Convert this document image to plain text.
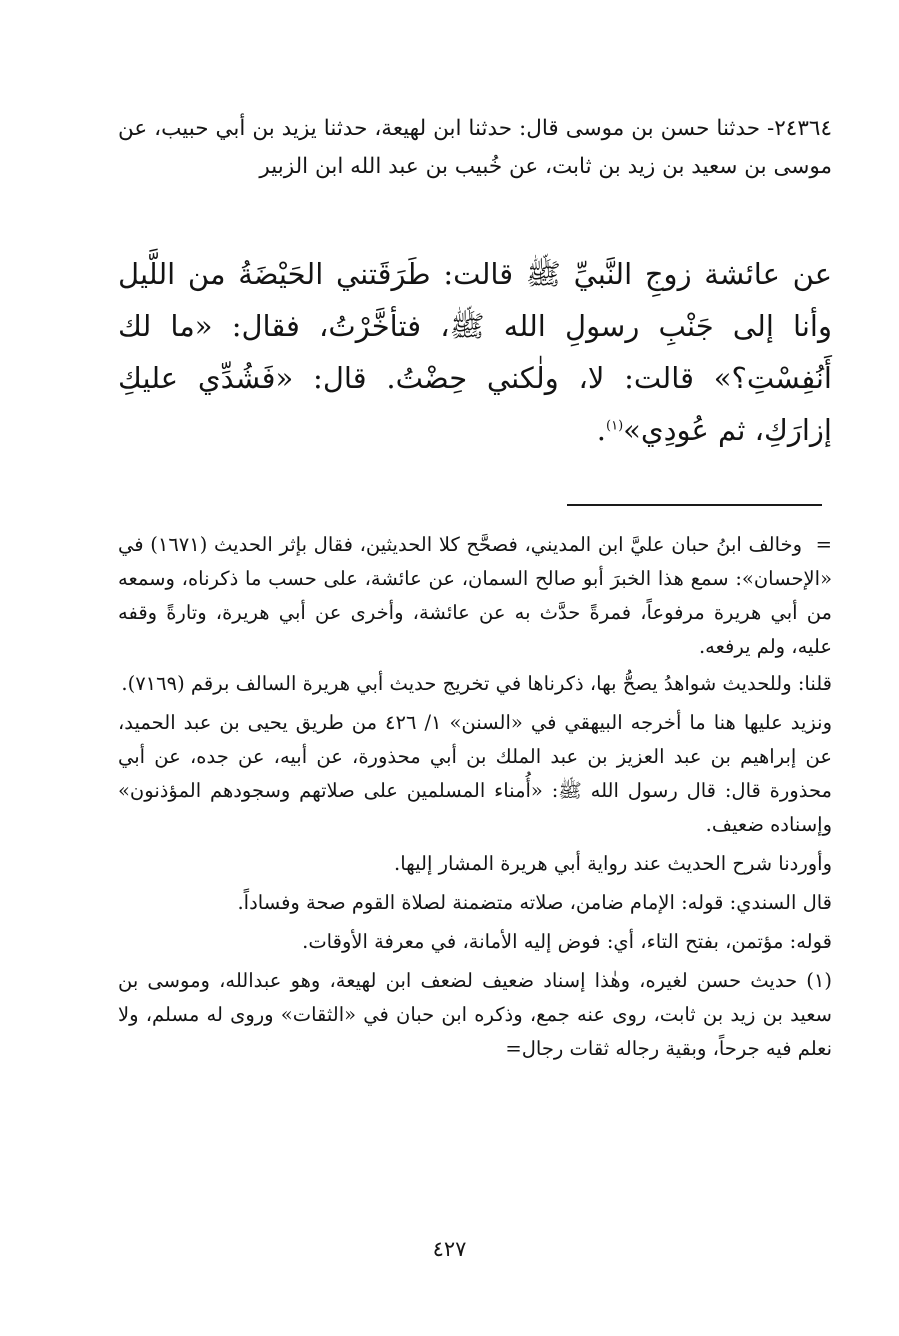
٢٤٣٦٤- حدثنا حسن بن موسى قال: حدثنا ابن لهيعة، حدثنا يزيد بن أبي حبيب، عن موسى بن سعيد بن زيد بن ثابت، عن خُبيب بن عبد الله ابن الزبير
عن عائشة زوجِ النَّبيِّ ﷺ قالت: طَرَقَتني الحَيْضَةُ من اللَّيل وأنا إلى جَنْبِ رسولِ الله ﷺ، فتأخَّرْتُ، فقال: «ما لك أَنُفِسْتِ؟» قالت: لا، ولٰكني حِضْتُ. قال: «فَشُدِّي عليكِ إزارَكِ، ثم عُودِي»$^{(١)}$.

=وخالف ابنُ حبان عليَّ ابن المديني، فصحَّح كلا الحديثين، فقال بإثر الحديث (١٦٧١) في «الإحسان»: سمع هذا الخبرَ أبو صالح السمان، عن عائشة، على حسب ما ذكرناه، وسمعه من أبي هريرة مرفوعاً، فمرةً حدَّث به عن عائشة، وأخرى عن أبي هريرة، وتارةً وقفه عليه، ولم يرفعه.

قلنا: وللحديث شواهدُ يصحُّ بها، ذكرناها في تخريج حديث أبي هريرة السالف برقم (٧١٦٩).

ونزيد عليها هنا ما أخرجه البيهقي في «السنن» ١/ ٤٢٦ من طريق يحيى بن عبد الحميد، عن إبراهيم بن عبد العزيز بن عبد الملك بن أبي محذورة، عن أبيه، عن جده، عن أبي محذورة قال: قال رسول الله ﷺ: «أُمناء المسلمين على صلاتهم وسجودهم المؤذنون» وإسناده ضعيف.

وأوردنا شرح الحديث عند رواية أبي هريرة المشار إليها.

قال السندي: قوله: الإمام ضامن، صلاته متضمنة لصلاة القوم صحة وفساداً.

قوله: مؤتمن، بفتح التاء، أي: فوض إليه الأمانة، في معرفة الأوقات.

(١) حديث حسن لغيره، وهٰذا إسناد ضعيف لضعف ابن لهيعة، وهو عبدالله، وموسى بن سعيد بن زيد بن ثابت، روى عنه جمع، وذكره ابن حبان في «الثقات» وروى له مسلم، ولا نعلم فيه جرحاً، وبقية رجاله ثقات رجال=

٤٢٧
